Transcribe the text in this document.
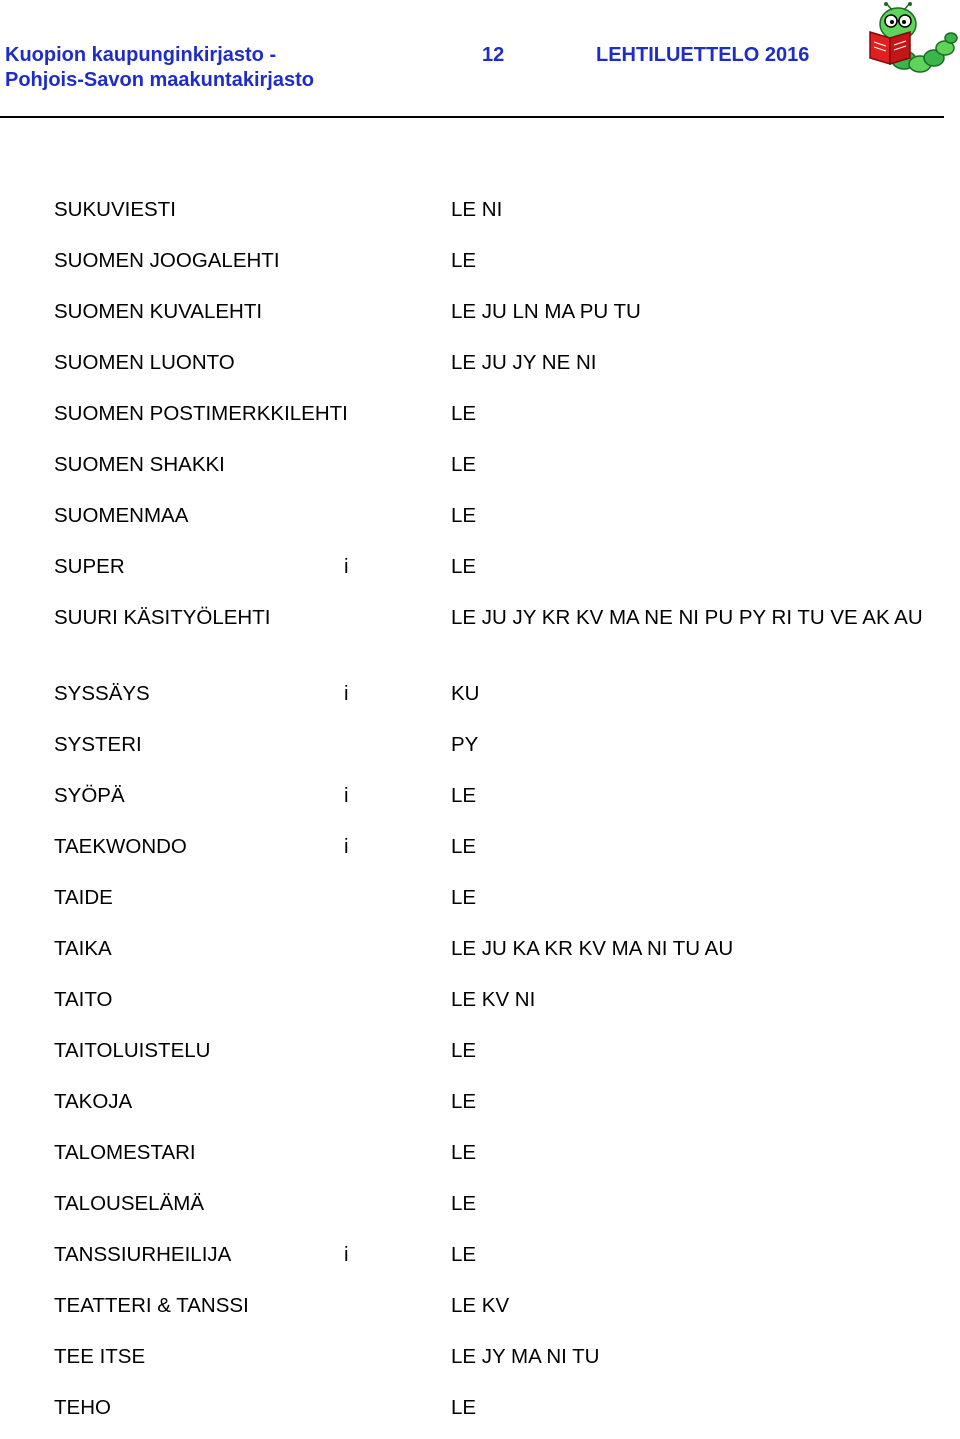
Kuopion kaupunginkirjasto -
Pohjois-Savon maakuntakirjasto
12	LEHTILUETTELO 2016
SUKUVIESTI	LE NI
SUOMEN JOOGALEHTI	LE
SUOMEN KUVALEHTI	LE JU LN MA PU TU
SUOMEN LUONTO	LE JU JY NE NI
SUOMEN POSTIMERKKILEHTI	LE
SUOMEN SHAKKI	LE
SUOMENMAA	LE
SUPER	i	LE
SUURI KÄSITYÖLEHTI	LE JU JY KR KV MA NE NI PU PY RI TU VE AK AU
SYSSÄYS	i	KU
SYSTERI	PY
SYÖPÄ	i	LE
TAEKWONDO	i	LE
TAIDE	LE
TAIKA	LE JU KA KR KV MA NI TU AU
TAITO	LE KV NI
TAITOLUISTELU	LE
TAKOJA	LE
TALOMESTARI	LE
TALOUSELÄMÄ	LE
TANSSIURHEILIJA	i	LE
TEATTERI & TANSSI	LE KV
TEE ITSE	LE JY MA NI TU
TEHO	LE
